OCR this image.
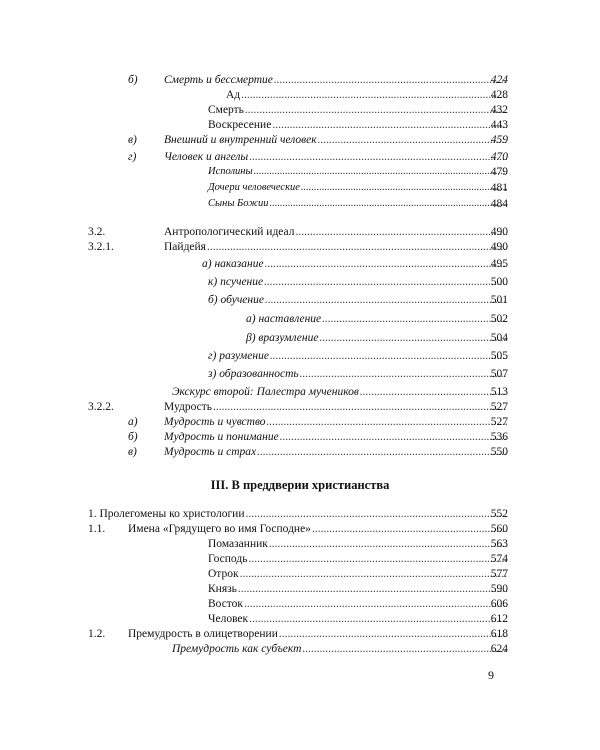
б) Смерть и бессмертие .....	424
Ад .....	428
Смерть .....	432
Воскресение .....	443
в) Внешний и внутренний человек .....	459
г) Человек и ангелы .....	470
Исполины .....	479
Дочери человеческие .....	481
Сыны Божии .....	484
3.2.	Антропологический идеал .....	490
3.2.1.	Пайдейя .....	490
а) наказание .....	495
к) псучение .....	500
б) обучение .....	501
а) наставление .....	502
β) вразумление .....	504
г) разумение .....	505
з) образованность .....	507
Экскурс второй: Палестра мучеников .....	513
3.2.2.	Мудрость .....	527
а) Мудрость и чувство .....	527
б) Мудрость и понимание .....	536
в) Мудрость и страх .....	550
III. В преддверии христианства
1. Пролегомены ко христологии .....	552
1.1. Имена «Грядущего во имя Господне» .....	560
Помазанник .....	563
Господь .....	574
Отрок .....	577
Князь .....	590
Восток .....	606
Человек .....	612
1.2. Премудрость в олицетворении .....	618
Премудрость как субъект .....	624
9
